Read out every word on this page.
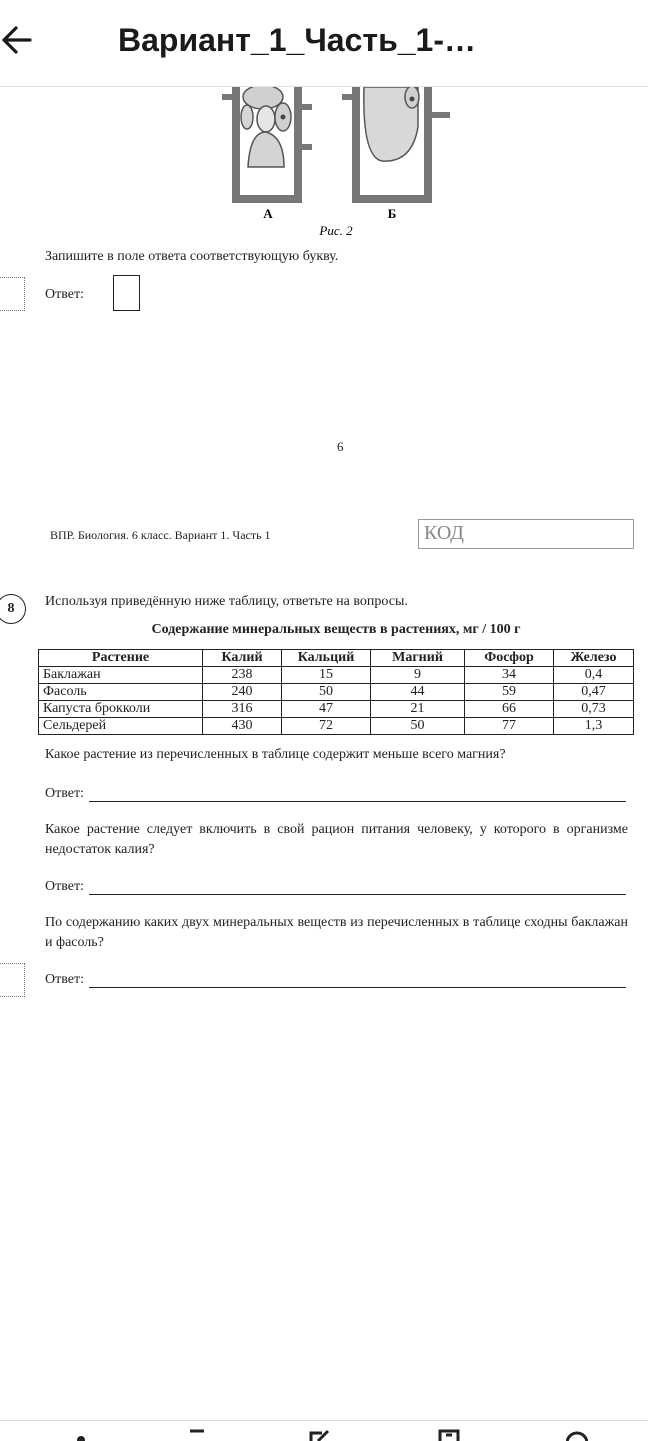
Вариант_1_Часть_1-…
А	Б
Рис. 2
Запишите в поле ответа соответствующую букву.
Ответ:
6
ВПР. Биология. 6 класс. Вариант 1. Часть 1	КОД
8	Используя приведённую ниже таблицу, ответьте на вопросы.
Содержание минеральных веществ в растениях, мг / 100 г
Растение	Калий	Кальций	Магний	Фосфор	Железо
Баклажан	238	15	9	34	0,4
Фасоль	240	50	44	59	0,47
Капуста брокколи	316	47	21	66	0,73
Сельдерей	430	72	50	77	1,3
Какое растение из перечисленных в таблице содержит меньше всего магния?
Ответ:
Какое растение следует включить в свой рацион питания человеку, у которого в организме недостаток калия?
Ответ:
По содержанию каких двух минеральных веществ из перечисленных в таблице сходны баклажан и фасоль?
Ответ:
